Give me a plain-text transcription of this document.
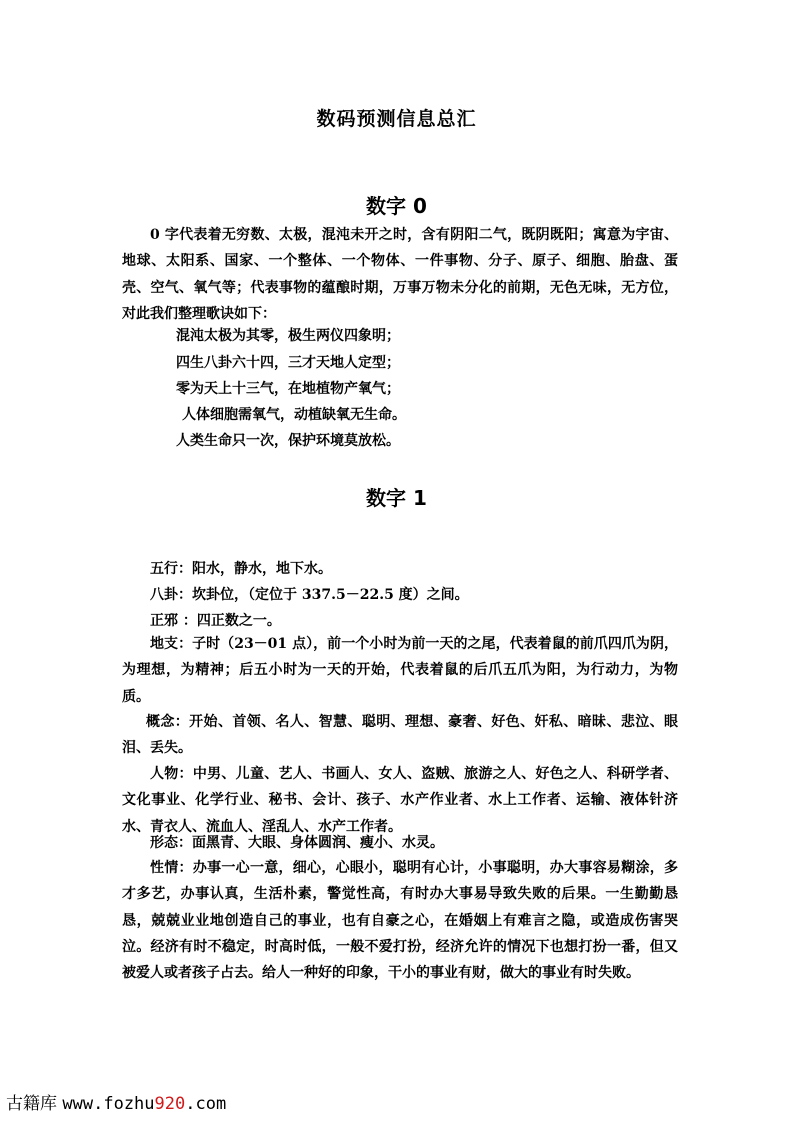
数码预测信息总汇
数字 0
0 字代表着无穷数、太极，混沌未开之时，含有阴阳二气，既阴既阳；寓意为宇宙、地球、太阳系、国家、一个整体、一个物体、一件事物、分子、原子、细胞、胎盘、蛋壳、空气、氧气等；代表事物的蕴酿时期，万事万物未分化的前期，无色无味，无方位，对此我们整理歌诀如下：
混沌太极为其零，极生两仪四象明；
四生八卦六十四，三才天地人定型；
零为天上十三气，在地植物产氧气；
人体细胞需氧气，动植缺氧无生命。
人类生命只一次，保护环境莫放松。
数字 1
五行：阳水，静水，地下水。
八卦：坎卦位，（定位于 337.5－22.5 度）之间。
正邪 ：四正数之一。
地支：子时（23－01 点），前一个小时为前一天的之尾，代表着鼠的前爪四爪为阴，为理想，为精神；后五小时为一天的开始，代表着鼠的后爪五爪为阳，为行动力，为物质。
概念：开始、首领、名人、智慧、聪明、理想、豪奢、好色、奸私、暗昧、悲泣、眼泪、丢失。
人物：中男、儿童、艺人、书画人、女人、盗贼、旅游之人、好色之人、科研学者、文化事业、化学行业、秘书、会计、孩子、水产作业者、水上工作者、运输、液体针济水、青衣人、流血人、淫乱人、水产工作者。
形态：面黑青、大眼、身体圆润、瘦小、水灵。
性情：办事一心一意，细心，心眼小，聪明有心计，小事聪明，办大事容易糊涂，多才多艺，办事认真，生活朴素，警觉性高，有时办大事易导致失败的后果。一生勤勤恳恳，兢兢业业地创造自己的事业，也有自豪之心，在婚姻上有难言之隐，或造成伤害哭泣。经济有时不稳定，时高时低，一般不爱打扮，经济允许的情况下也想打扮一番，但又被爱人或者孩子占去。给人一种好的印象，干小的事业有财，做大的事业有时失败。
古籍库 www.fozhu920.com
